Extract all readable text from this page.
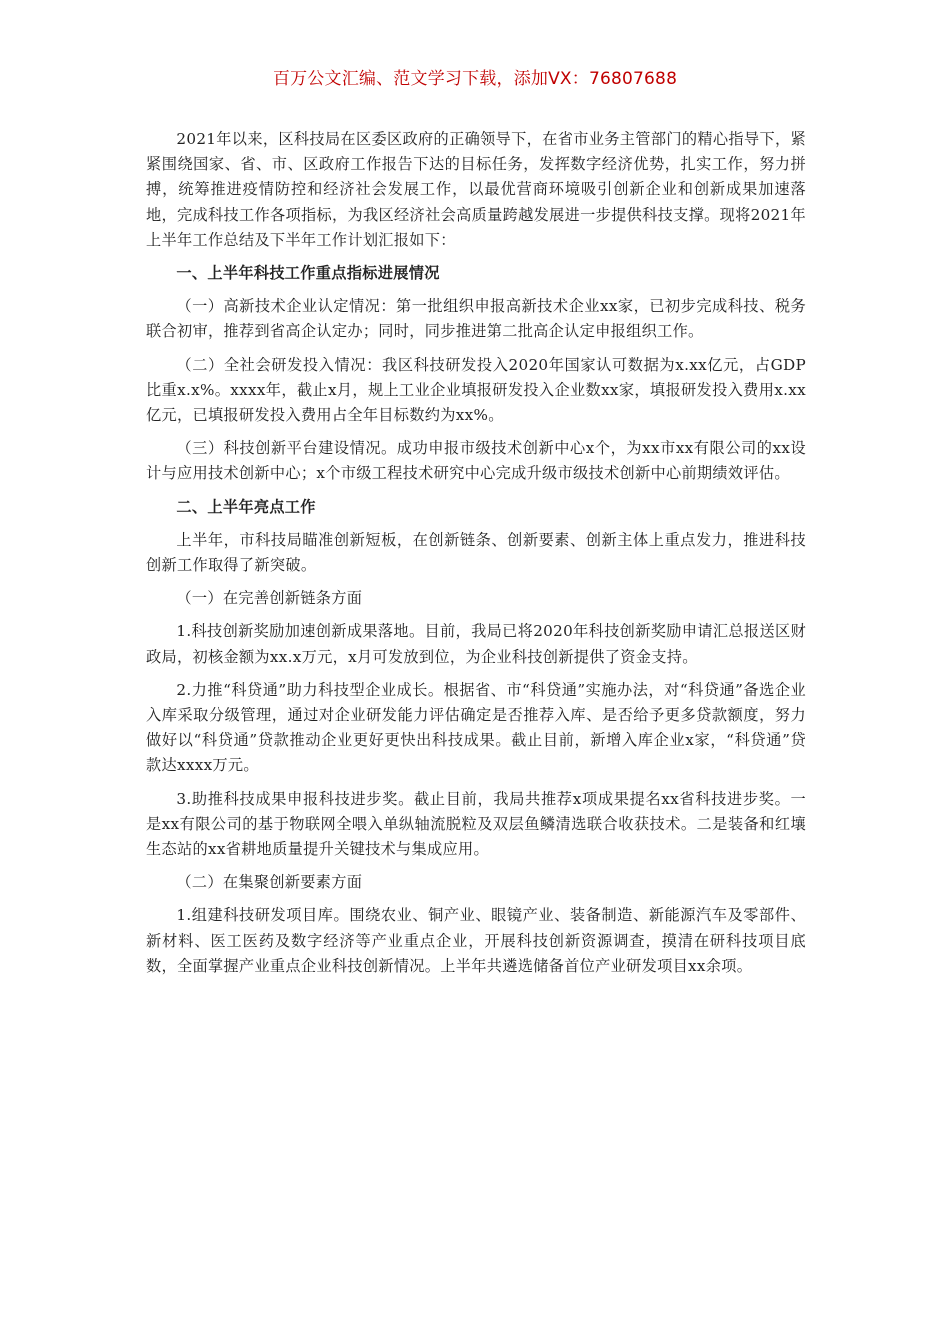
百万公文汇编、范文学习下载，添加VX：76807688

2021年以来，区科技局在区委区政府的正确领导下，在省市业务主管部门的精心指导下，紧紧围绕国家、省、市、区政府工作报告下达的目标任务，发挥数字经济优势，扎实工作，努力拼搏，统筹推进疫情防控和经济社会发展工作，以最优营商环境吸引创新企业和创新成果加速落地，完成科技工作各项指标，为我区经济社会高质量跨越发展进一步提供科技支撑。现将2021年上半年工作总结及下半年工作计划汇报如下：

一、上半年科技工作重点指标进展情况

（一）高新技术企业认定情况：第一批组织申报高新技术企业xx家，已初步完成科技、税务联合初审，推荐到省高企认定办；同时，同步推进第二批高企认定申报组织工作。

（二）全社会研发投入情况：我区科技研发投入2020年国家认可数据为x.xx亿元，占GDP比重x.x%。xxxx年，截止x月，规上工业企业填报研发投入企业数xx家，填报研发投入费用x.xx亿元，已填报研发投入费用占全年目标数约为xx%。

（三）科技创新平台建设情况。成功申报市级技术创新中心x个，为xx市xx有限公司的xx设计与应用技术创新中心；x个市级工程技术研究中心完成升级市级技术创新中心前期绩效评估。

二、上半年亮点工作

上半年，市科技局瞄准创新短板，在创新链条、创新要素、创新主体上重点发力，推进科技创新工作取得了新突破。

（一）在完善创新链条方面

1.科技创新奖励加速创新成果落地。目前，我局已将2020年科技创新奖励申请汇总报送区财政局，初核金额为xx.x万元，x月可发放到位，为企业科技创新提供了资金支持。

2.力推“科贷通”助力科技型企业成长。根据省、市“科贷通”实施办法，对“科贷通”备选企业入库采取分级管理，通过对企业研发能力评估确定是否推荐入库、是否给予更多贷款额度，努力做好以“科贷通”贷款推动企业更好更快出科技成果。截止目前，新增入库企业x家，“科贷通”贷款达xxxx万元。

3.助推科技成果申报科技进步奖。截止目前，我局共推荐x项成果提名xx省科技进步奖。一是xx有限公司的基于物联网全喂入单纵轴流脱粒及双层鱼鳞清选联合收获技术。二是装备和红壤生态站的xx省耕地质量提升关键技术与集成应用。

（二）在集聚创新要素方面

1.组建科技研发项目库。围绕农业、铜产业、眼镜产业、装备制造、新能源汽车及零部件、新材料、医工医药及数字经济等产业重点企业，开展科技创新资源调查，摸清在研科技项目底数，全面掌握产业重点企业科技创新情况。上半年共遴选储备首位产业研发项目xx余项。
